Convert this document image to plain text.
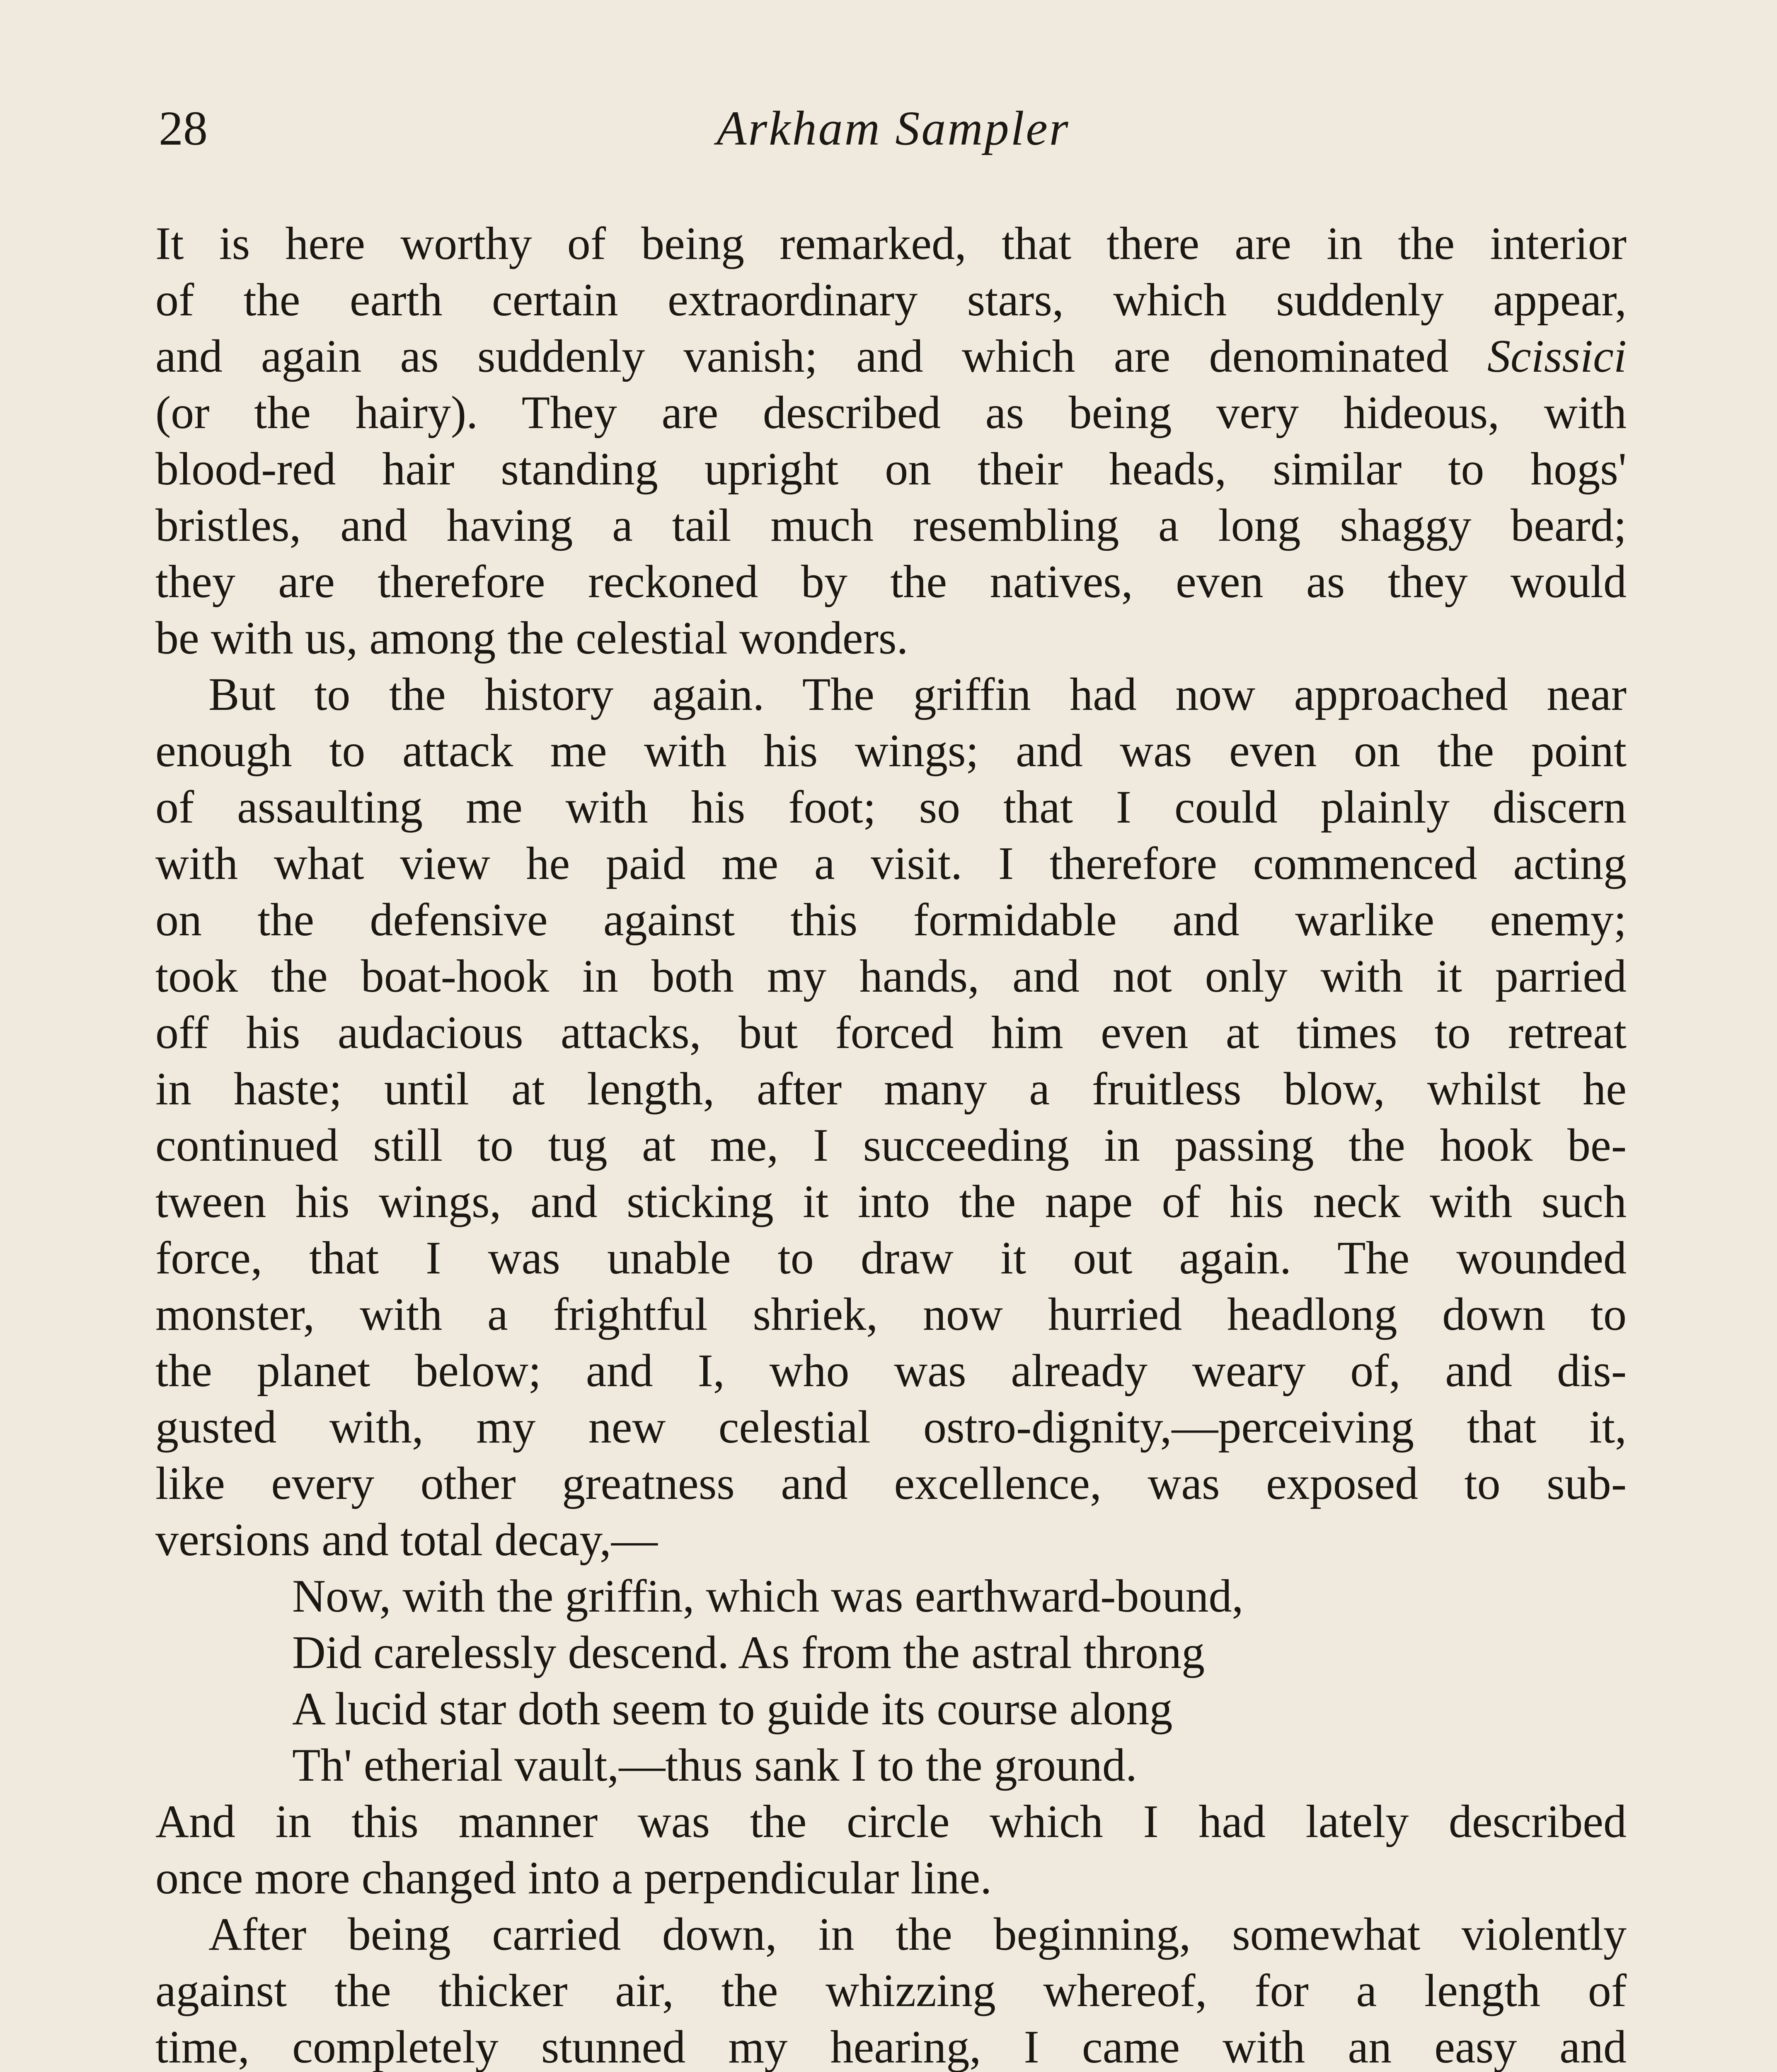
28	Arkham Sampler
It is here worthy of being remarked, that there are in the interior
of the earth certain extraordinary stars, which suddenly appear,
and again as suddenly vanish; and which are denominated Scissici
(or the hairy). They are described as being very hideous, with
blood-red hair standing upright on their heads, similar to hogs'
bristles, and having a tail much resembling a long shaggy beard;
they are therefore reckoned by the natives, even as they would
be with us, among the celestial wonders.
But to the history again. The griffin had now approached near
enough to attack me with his wings; and was even on the point
of assaulting me with his foot; so that I could plainly discern
with what view he paid me a visit. I therefore commenced acting
on the defensive against this formidable and warlike enemy;
took the boat-hook in both my hands, and not only with it parried
off his audacious attacks, but forced him even at times to retreat
in haste; until at length, after many a fruitless blow, whilst he
continued still to tug at me, I succeeding in passing the hook be-
tween his wings, and sticking it into the nape of his neck with such
force, that I was unable to draw it out again. The wounded
monster, with a frightful shriek, now hurried headlong down to
the planet below; and I, who was already weary of, and dis-
gusted with, my new celestial ostro-dignity,—perceiving that it,
like every other greatness and excellence, was exposed to sub-
versions and total decay,—
Now, with the griffin, which was earthward-bound,
Did carelessly descend. As from the astral throng
A lucid star doth seem to guide its course along
Th' etherial vault,—thus sank I to the ground.
And in this manner was the circle which I had lately described
once more changed into a perpendicular line.
After being carried down, in the beginning, somewhat violently
against the thicker air, the whizzing whereof, for a length of
time, completely stunned my hearing, I came with an easy and
